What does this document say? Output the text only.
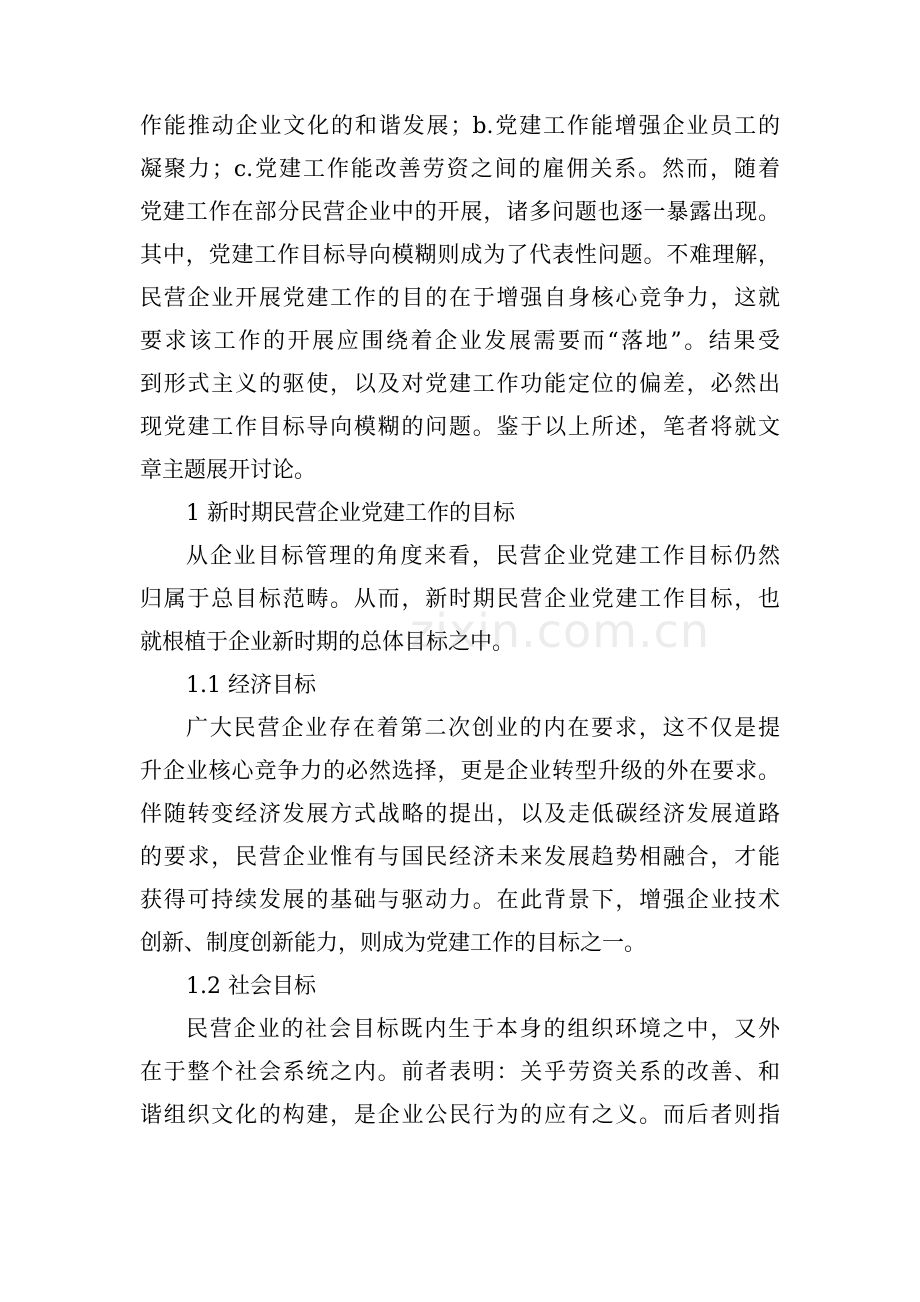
作能推动企业文化的和谐发展；b.党建工作能增强企业员工的
凝聚力；c.党建工作能改善劳资之间的雇佣关系。然而，随着
党建工作在部分民营企业中的开展，诸多问题也逐一暴露出现。
其中，党建工作目标导向模糊则成为了代表性问题。不难理解，
民营企业开展党建工作的目的在于增强自身核心竞争力，这就
要求该工作的开展应围绕着企业发展需要而“落地”。结果受
到形式主义的驱使，以及对党建工作功能定位的偏差，必然出
现党建工作目标导向模糊的问题。鉴于以上所述，笔者将就文
章主题展开讨论。
1 新时期民营企业党建工作的目标
从企业目标管理的角度来看，民营企业党建工作目标仍然
归属于总目标范畴。从而，新时期民营企业党建工作目标，也
就根植于企业新时期的总体目标之中。
1.1 经济目标
广大民营企业存在着第二次创业的内在要求，这不仅是提
升企业核心竞争力的必然选择，更是企业转型升级的外在要求。
伴随转变经济发展方式战略的提出，以及走低碳经济发展道路
的要求，民营企业惟有与国民经济未来发展趋势相融合，才能
获得可持续发展的基础与驱动力。在此背景下，增强企业技术
创新、制度创新能力，则成为党建工作的目标之一。
1.2 社会目标
民营企业的社会目标既内生于本身的组织环境之中，又外
在于整个社会系统之内。前者表明：关乎劳资关系的改善、和
谐组织文化的构建，是企业公民行为的应有之义。而后者则指
zixin.com.cn
